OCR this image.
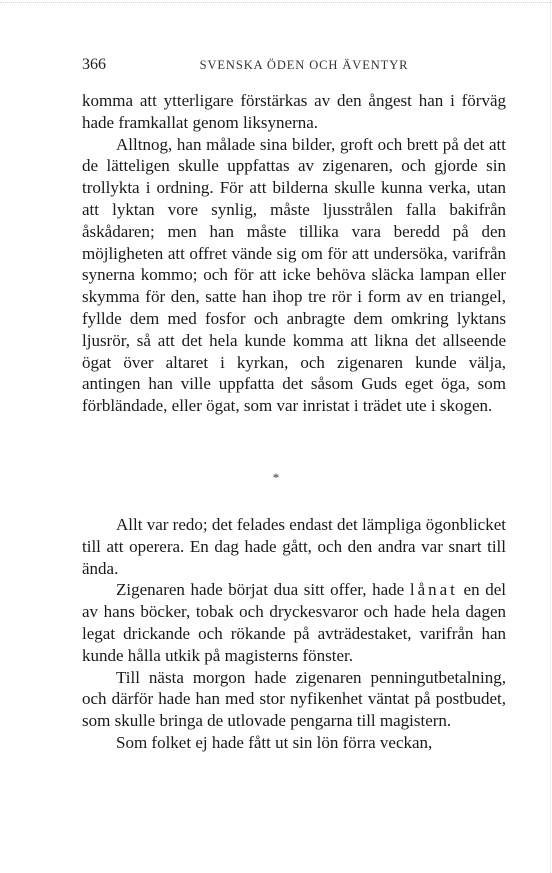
366	SVENSKA ÖDEN OCH ÄVENTYR

komma att ytterligare förstärkas av den ångest han i förväg hade framkallat genom liksynerna.

Alltnog, han målade sina bilder, groft och brett på det att de lätteligen skulle uppfattas av zigenaren, och gjorde sin trollykta i ordning. För att bilderna skulle kunna verka, utan att lyktan vore synlig, måste ljusstrålen falla bakifrån åskådaren; men han måste tillika vara beredd på den möjligheten att offret vände sig om för att undersöka, varifrån synerna kommo; och för att icke behöva släcka lampan eller skymma för den, satte han ihop tre rör i form av en triangel, fyllde dem med fosfor och anbragte dem omkring lyktans ljusrör, så att det hela kunde komma att likna det allseende ögat över altaret i kyrkan, och zigenaren kunde välja, antingen han ville uppfatta det såsom Guds eget öga, som förbländade, eller ögat, som var inristat i trädet ute i skogen.

*

Allt var redo; det felades endast det lämpliga ögonblicket till att operera. En dag hade gått, och den andra var snart till ända.

Zigenaren hade börjat dua sitt offer, hade lånat en del av hans böcker, tobak och dryckesvaror och hade hela dagen legat drickande och rökande på avträdestaket, varifrån han kunde hålla utkik på magisterns fönster.

Till nästa morgon hade zigenaren penningutbetalning, och därför hade han med stor nyfikenhet väntat på postbudet, som skulle bringa de utlovade pengarna till magistern.

Som folket ej hade fått ut sin lön förra veckan,
